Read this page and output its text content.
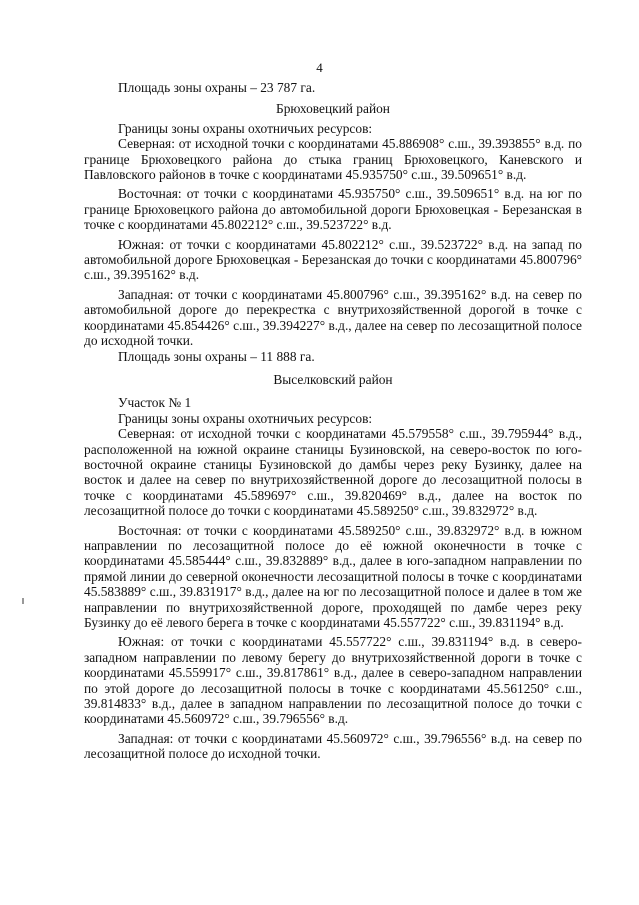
4

Площадь зоны охраны – 23 787 га.

Брюховецкий район

Границы зоны охраны охотничьих ресурсов:

Северная: от исходной точки с координатами 45.886908° с.ш., 39.393855° в.д. по границе Брюховецкого района до стыка границ Брюховецкого, Каневского и Павловского районов в точке с координатами 45.935750° с.ш., 39.509651° в.д.

Восточная: от точки с координатами 45.935750° с.ш., 39.509651° в.д. на юг по границе Брюховецкого района до автомобильной дороги Брюховецкая - Березанская в точке с координатами 45.802212° с.ш., 39.523722° в.д.

Южная: от точки с координатами 45.802212° с.ш., 39.523722° в.д. на запад по автомобильной дороге Брюховецкая - Березанская до точки с координатами 45.800796° с.ш., 39.395162° в.д.

Западная: от точки с координатами 45.800796° с.ш., 39.395162° в.д. на север по автомобильной дороге до перекрестка с внутрихозяйственной дорогой в точке с координатами 45.854426° с.ш., 39.394227° в.д., далее на север по лесозащитной полосе до исходной точки.

Площадь зоны охраны – 11 888 га.

Выселковский район

Участок № 1

Границы зоны охраны охотничьих ресурсов:

Северная: от исходной точки с координатами 45.579558° с.ш., 39.795944° в.д., расположенной на южной окраине станицы Бузиновской, на северо-восток по юго-восточной окраине станицы Бузиновской до дамбы через реку Бузинку, далее на восток и далее на север по внутрихозяйственной дороге до лесозащитной полосы в точке с координатами 45.589697° с.ш., 39.820469° в.д., далее на восток по лесозащитной полосе до точки с координатами 45.589250° с.ш., 39.832972° в.д.

Восточная: от точки с координатами 45.589250° с.ш., 39.832972° в.д. в южном направлении по лесозащитной полосе до её южной оконечности в точке с координатами 45.585444° с.ш., 39.832889° в.д., далее в юго-западном направлении по прямой линии до северной оконечности лесозащитной полосы в точке с координатами 45.583889° с.ш., 39.831917° в.д., далее на юг по лесозащитной полосе и далее в том же направлении по внутрихозяйственной дороге, проходящей по дамбе через реку Бузинку до её левого берега в точке с координатами 45.557722° с.ш., 39.831194° в.д.

Южная: от точки с координатами 45.557722° с.ш., 39.831194° в.д. в северо-западном направлении по левому берегу до внутрихозяйственной дороги в точке с координатами 45.559917° с.ш., 39.817861° в.д., далее в северо-западном направлении по этой дороге до лесозащитной полосы в точке с координатами 45.561250° с.ш., 39.814833° в.д., далее в западном направлении по лесозащитной полосе до точки с координатами 45.560972° с.ш., 39.796556° в.д.

Западная: от точки с координатами 45.560972° с.ш., 39.796556° в.д. на север по лесозащитной полосе до исходной точки.
